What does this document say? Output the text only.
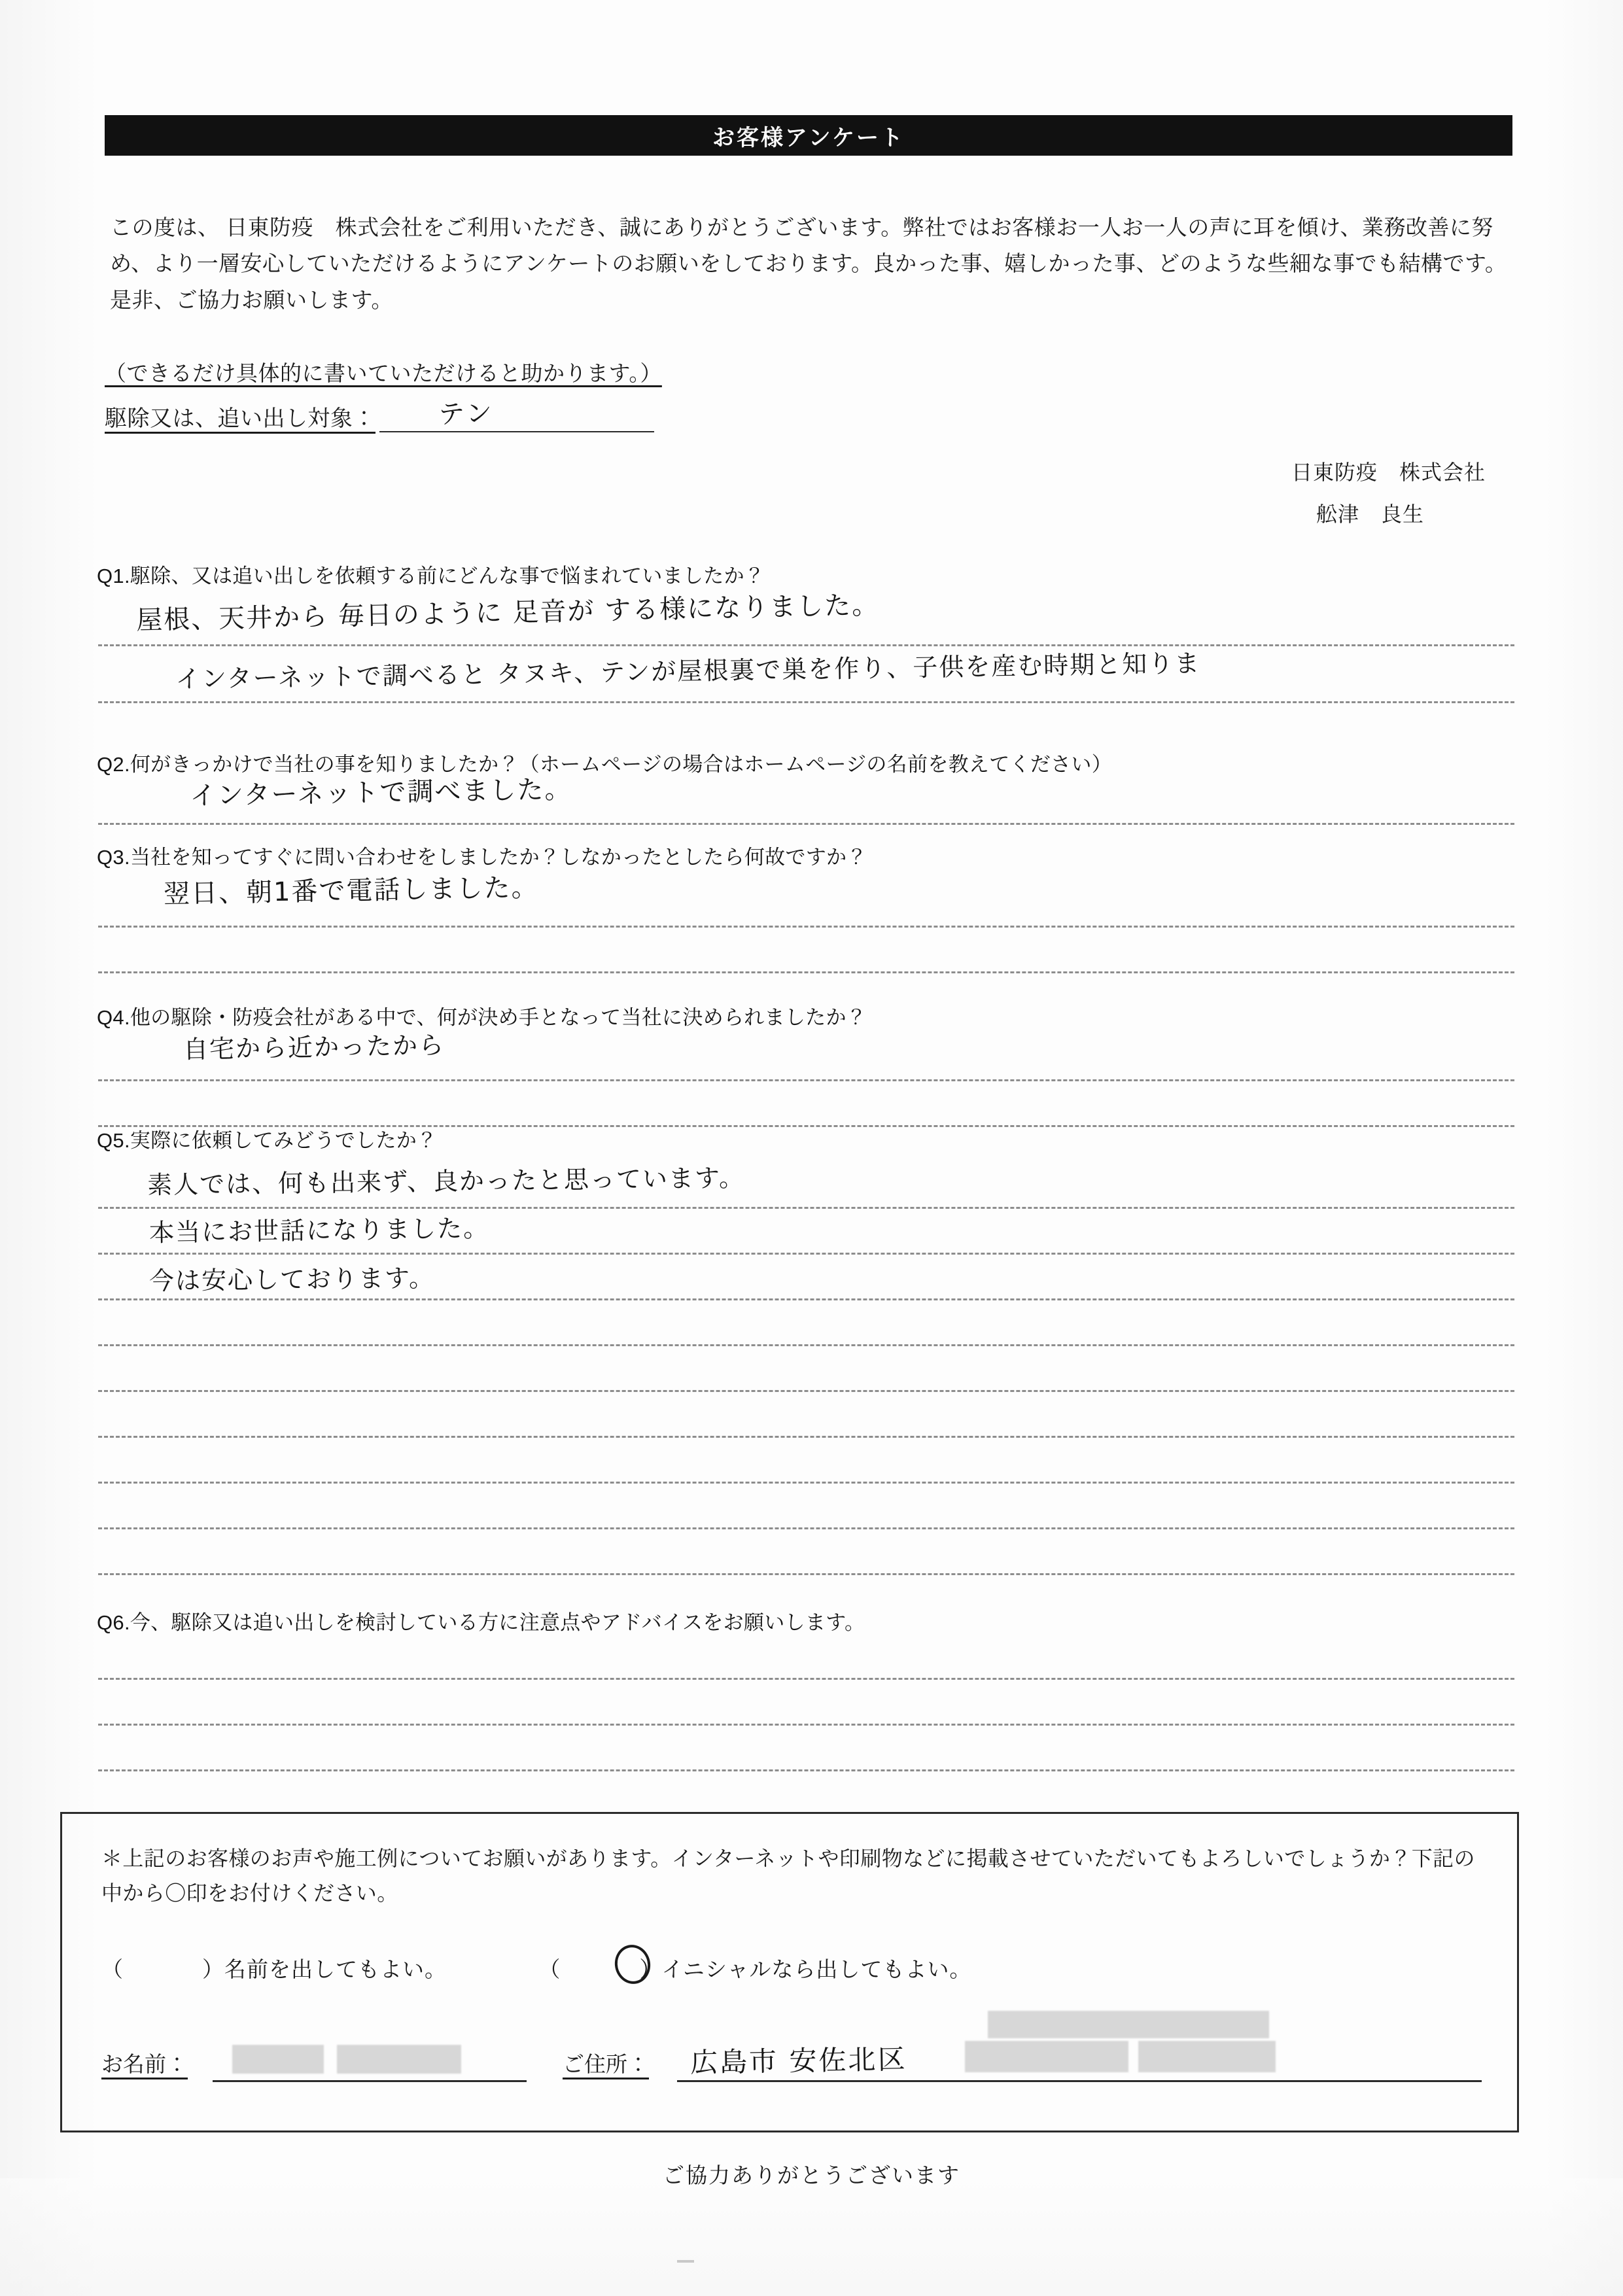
お客様アンケート

この度は、 日東防疫　株式会社をご利用いただき、誠にありがとうございます。弊社ではお客様お一人お一人の声に耳を傾け、業務改善に努め、より一層安心していただけるようにアンケートのお願いをしております。良かった事、嬉しかった事、どのような些細な事でも結構です。是非、ご協力お願いします。

（できるだけ具体的に書いていただけると助かります。）
駆除又は、追い出し対象： テン
日東防疫　株式会社
舩津　良生
Q1.駆除、又は追い出しを依頼する前にどんな事で悩まれていましたか？
屋根、天井から 毎日のように 足音が する様になりました。
インターネットで調べると タヌキ、テンが屋根裏で巣を作り、子供を産む時期と知りま
Q2.何がきっかけで当社の事を知りましたか？（ホームページの場合はホームページの名前を教えてください）
インターネットで調べました。
Q3.当社を知ってすぐに問い合わせをしましたか？しなかったとしたら何故ですか？
翌日、朝1番で電話しました。
Q4.他の駆除・防疫会社がある中で、何が決め手となって当社に決められましたか？
自宅から近かったから
Q5.実際に依頼してみどうでしたか？
素人では、何も出来ず、良かったと思っています。
本当にお世話になりました。
今は安心しております。
Q6.今、駆除又は追い出しを検討している方に注意点やアドバイスをお願いします。
＊上記のお客様のお声や施工例についてお願いがあります。インターネットや印刷物などに掲載させていただいてもよろしいでしょうか？下記の中から〇印をお付けください。
（	）名前を出してもよい。	（	）イニシャルなら出してもよい。
お名前：	ご住所： 広島市 安佐北区
ご協力ありがとうございます
